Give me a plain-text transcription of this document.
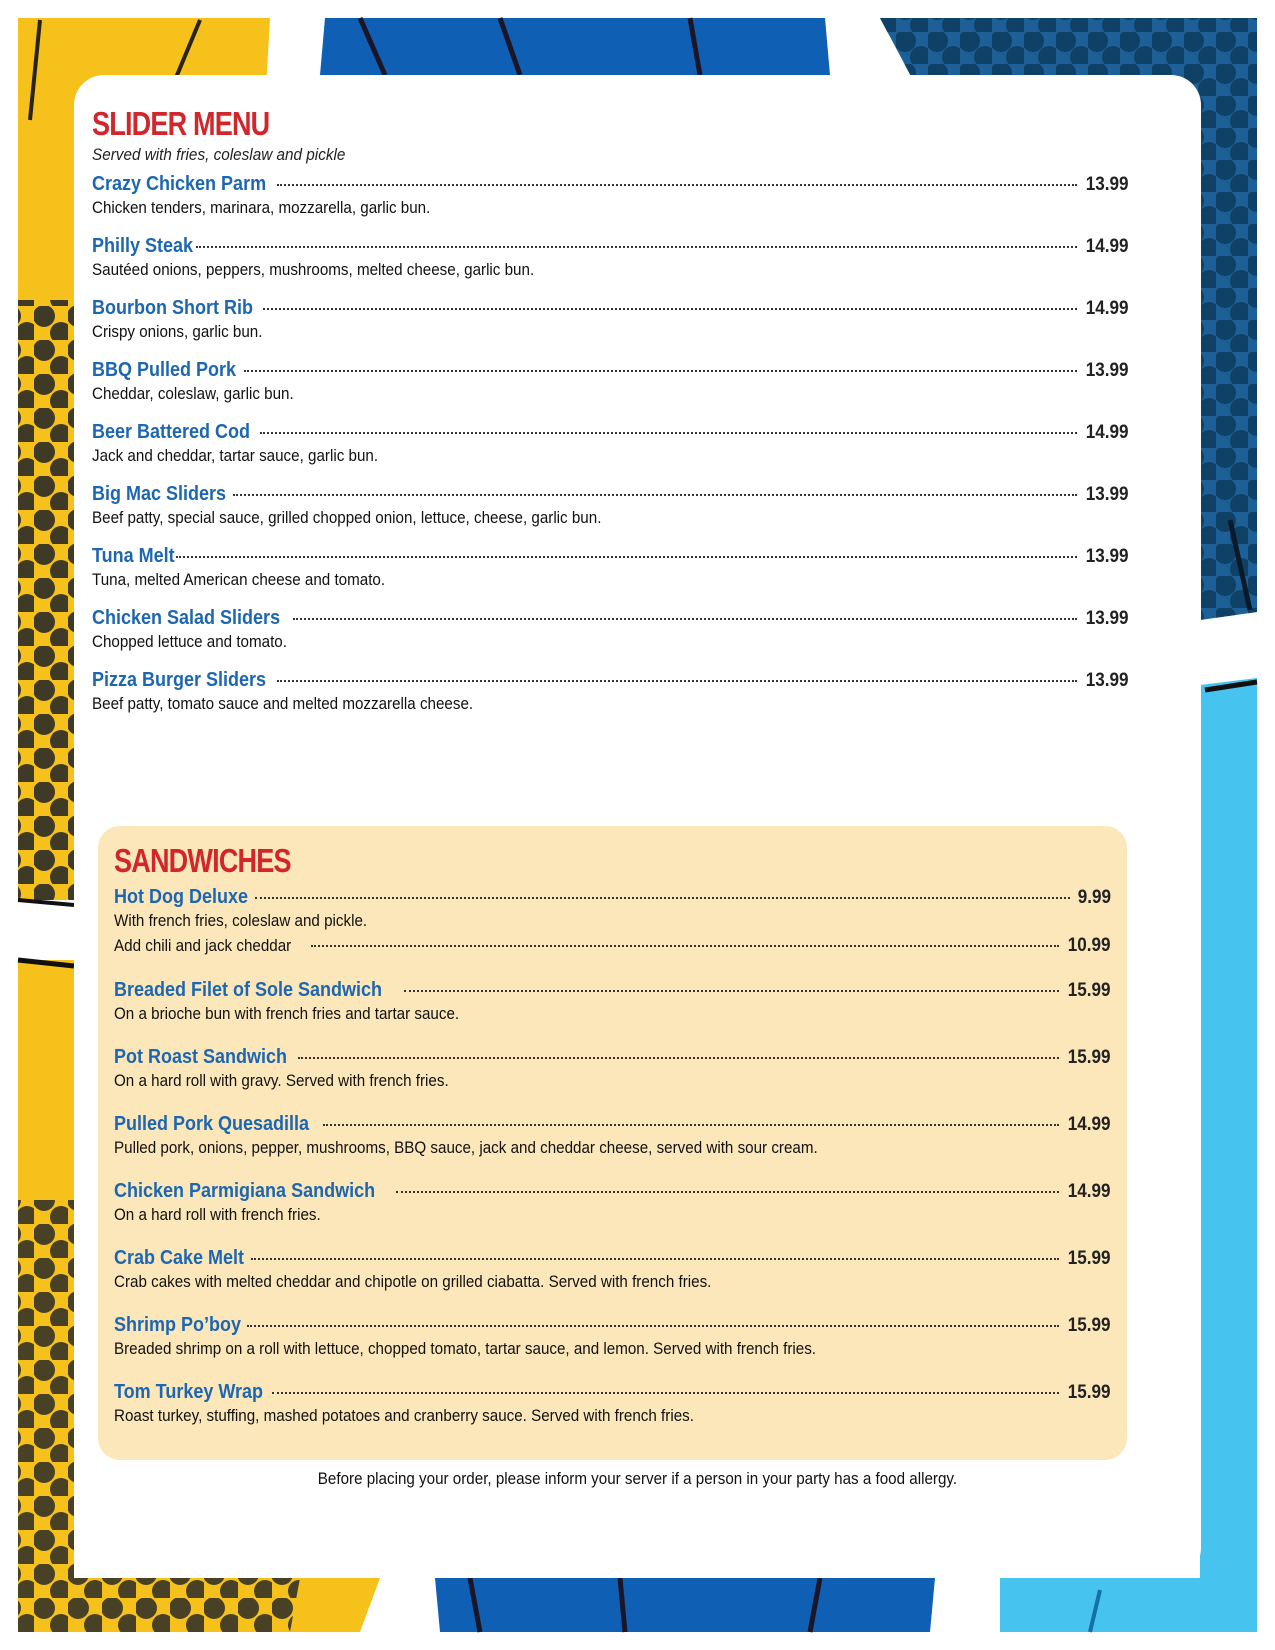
SLIDER MENU
Served with fries, coleslaw and pickle
Crazy Chicken Parm	13.99
Chicken tenders, marinara, mozzarella, garlic bun.
Philly Steak	14.99
Sautéed onions, peppers, mushrooms, melted cheese, garlic bun.
Bourbon Short Rib	14.99
Crispy onions, garlic bun.
BBQ Pulled Pork	13.99
Cheddar, coleslaw, garlic bun.
Beer Battered Cod	14.99
Jack and cheddar, tartar sauce, garlic bun.
Big Mac Sliders	13.99
Beef patty, special sauce, grilled chopped onion, lettuce, cheese, garlic bun.
Tuna Melt	13.99
Tuna, melted American cheese and tomato.
Chicken Salad Sliders	13.99
Chopped lettuce and tomato.
Pizza Burger Sliders	13.99
Beef patty, tomato sauce and melted mozzarella cheese.
SANDWICHES
Hot Dog Deluxe	9.99
With french fries, coleslaw and pickle.
Add chili and jack cheddar	10.99
Breaded Filet of Sole Sandwich	15.99
On a brioche bun with french fries and tartar sauce.
Pot Roast Sandwich	15.99
On a hard roll with gravy. Served with french fries.
Pulled Pork Quesadilla	14.99
Pulled pork, onions, pepper, mushrooms, BBQ sauce, jack and cheddar cheese, served with sour cream.
Chicken Parmigiana Sandwich	14.99
On a hard roll with french fries.
Crab Cake Melt	15.99
Crab cakes with melted cheddar and chipotle on grilled ciabatta. Served with french fries.
Shrimp Po’boy	15.99
Breaded shrimp on a roll with lettuce, chopped tomato, tartar sauce, and lemon. Served with french fries.
Tom Turkey Wrap	15.99
Roast turkey, stuffing, mashed potatoes and cranberry sauce. Served with french fries.
Before placing your order, please inform your server if a person in your party has a food allergy.
